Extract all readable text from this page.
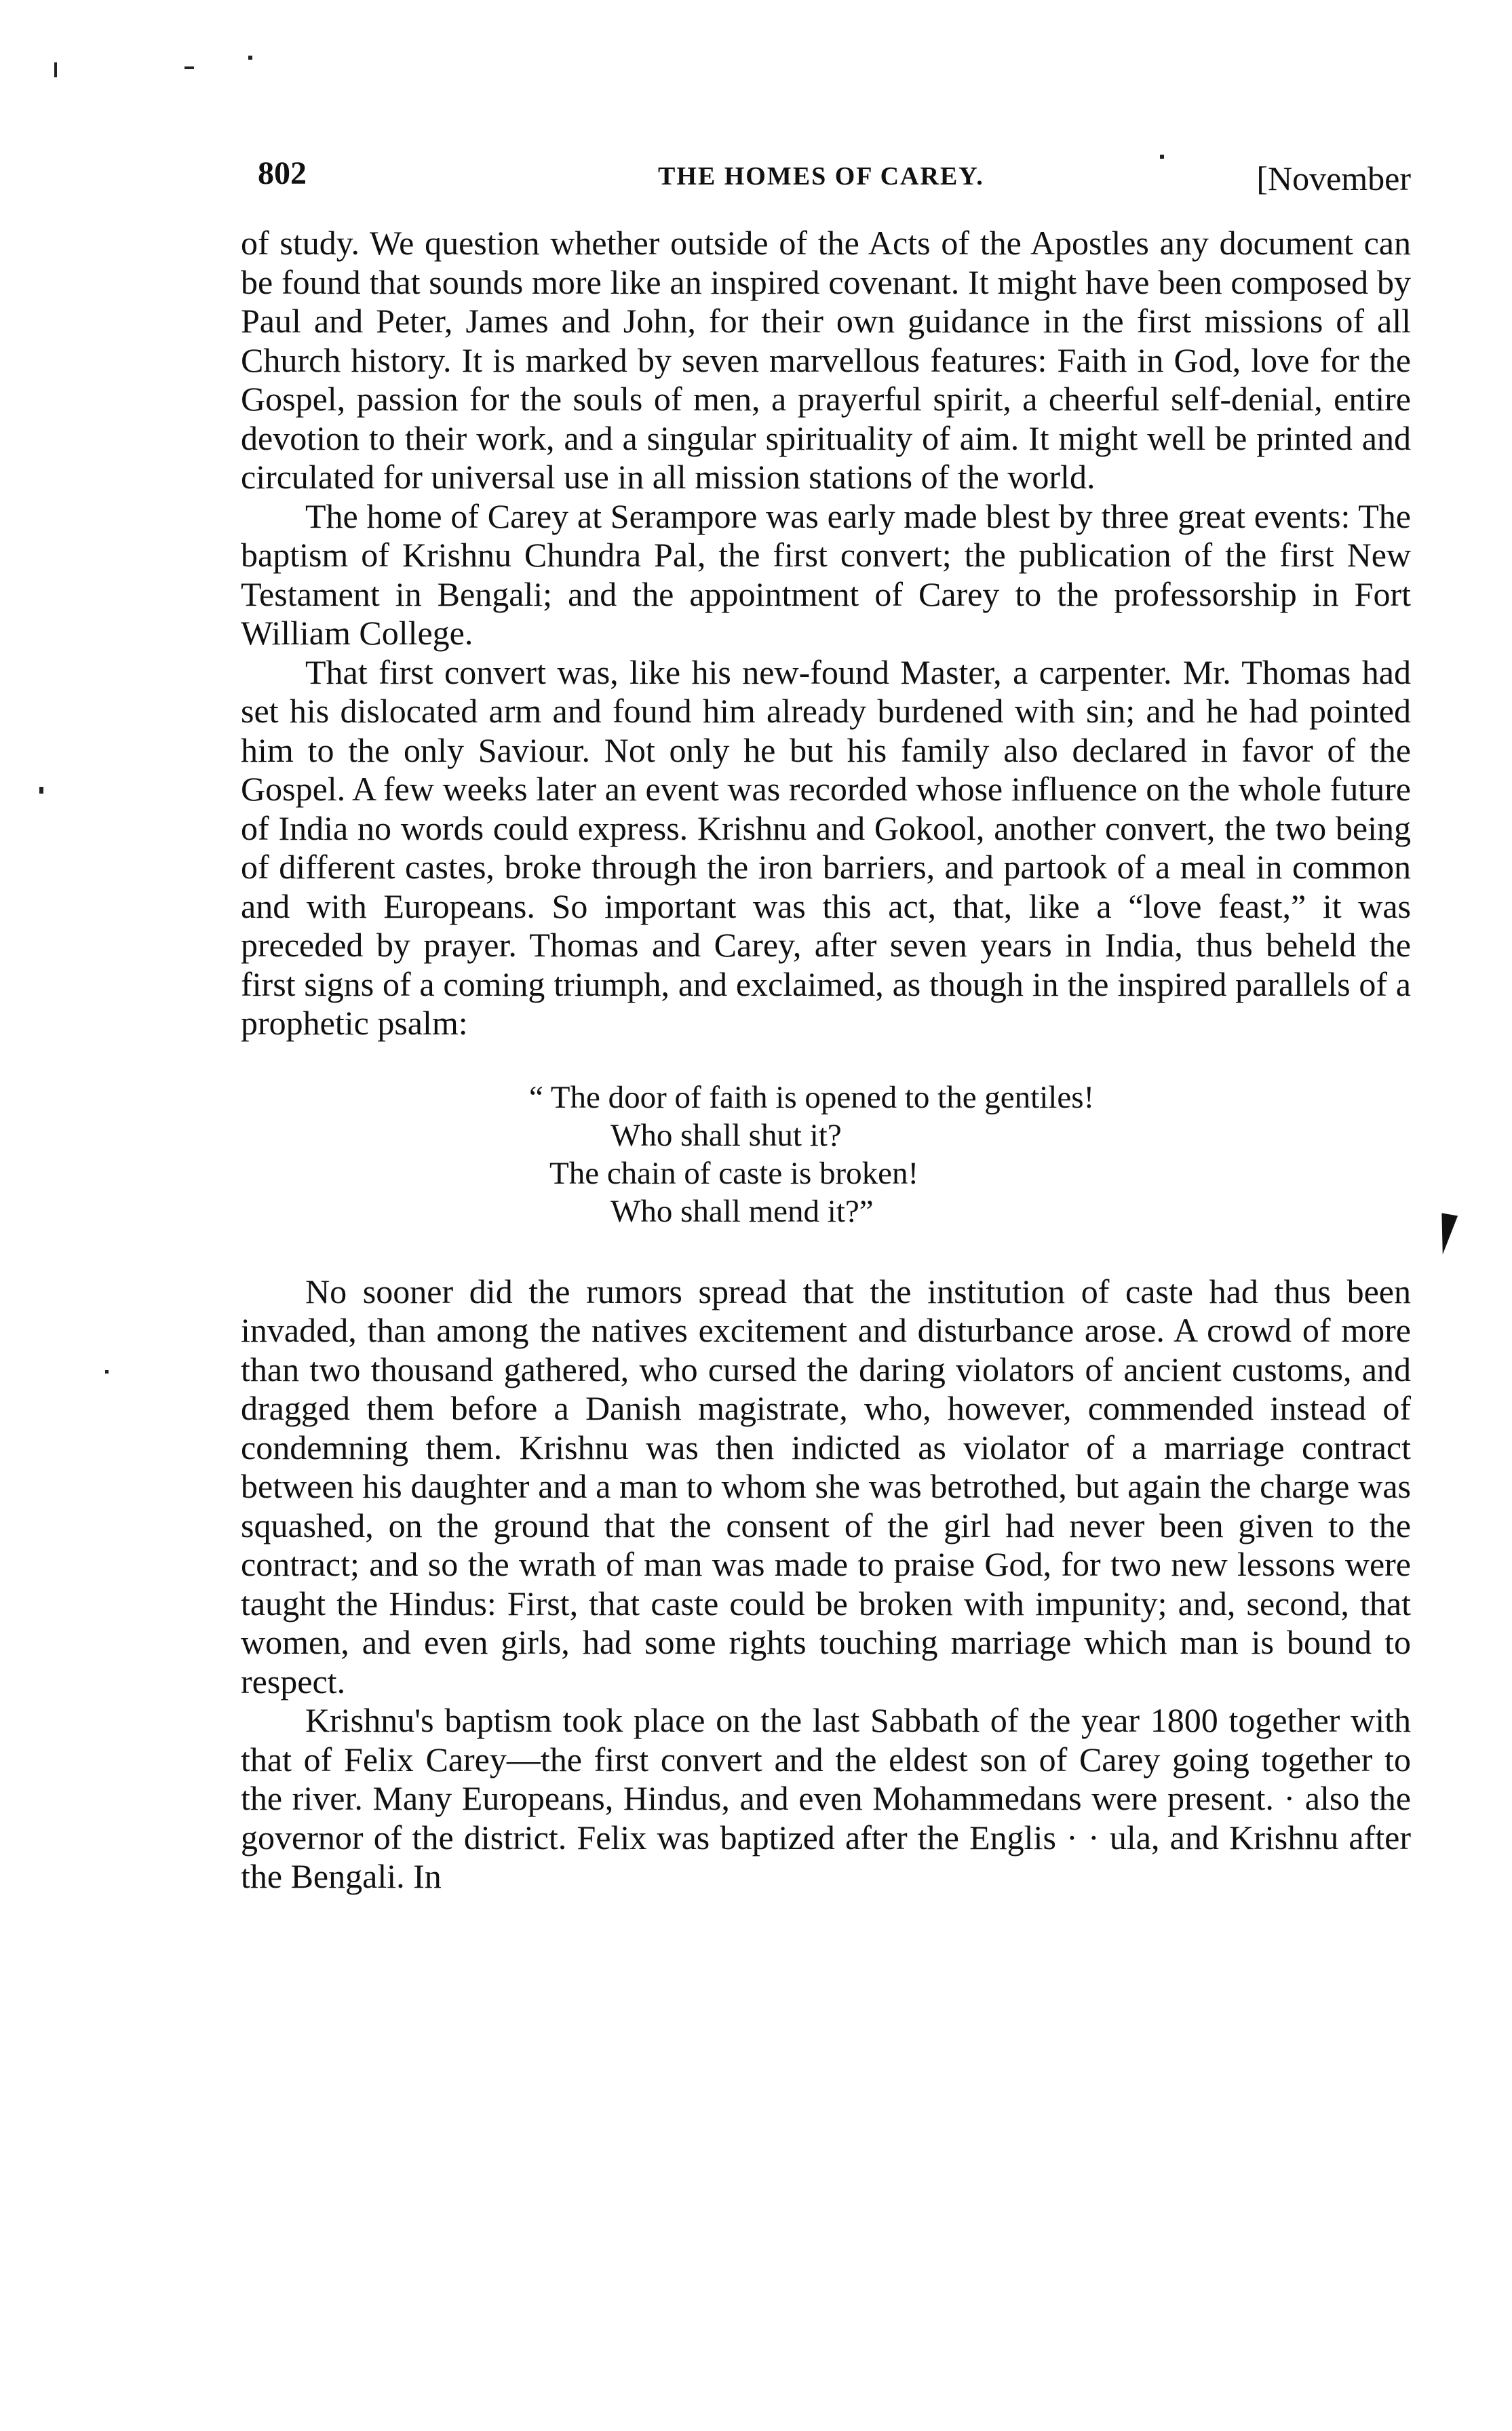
802	THE HOMES OF CAREY.	[November

of study. We question whether outside of the Acts of the Apostles any document can be found that sounds more like an inspired covenant. It might have been composed by Paul and Peter, James and John, for their own guidance in the first missions of all Church history. It is marked by seven marvellous features: Faith in God, love for the Gospel, passion for the souls of men, a prayerful spirit, a cheerful self-denial, entire devotion to their work, and a singular spirituality of aim. It might well be printed and circulated for universal use in all mission stations of the world.

The home of Carey at Serampore was early made blest by three great events: The baptism of Krishnu Chundra Pal, the first convert; the publication of the first New Testament in Bengali; and the appointment of Carey to the professorship in Fort William College.

That first convert was, like his new-found Master, a carpenter. Mr. Thomas had set his dislocated arm and found him already burdened with sin; and he had pointed him to the only Saviour. Not only he but his family also declared in favor of the Gospel. A few weeks later an event was recorded whose influence on the whole future of India no words could express. Krishnu and Gokool, another convert, the two being of different castes, broke through the iron barriers, and partook of a meal in common and with Europeans. So important was this act, that, like a “love feast,” it was preceded by prayer. Thomas and Carey, after seven years in India, thus beheld the first signs of a coming triumph, and exclaimed, as though in the inspired parallels of a prophetic psalm:

“ The door of faith is opened to the gentiles!
Who shall shut it?
The chain of caste is broken!
Who shall mend it?”

No sooner did the rumors spread that the institution of caste had thus been invaded, than among the natives excitement and disturbance arose. A crowd of more than two thousand gathered, who cursed the daring violators of ancient customs, and dragged them before a Danish magistrate, who, however, commended instead of condemning them. Krishnu was then indicted as violator of a marriage contract between his daughter and a man to whom she was betrothed, but again the charge was squashed, on the ground that the consent of the girl had never been given to the contract; and so the wrath of man was made to praise God, for two new lessons were taught the Hindus: First, that caste could be broken with impunity; and, second, that women, and even girls, had some rights touching marriage which man is bound to respect.

Krishnu's baptism took place on the last Sabbath of the year 1800 together with that of Felix Carey—the first convert and the eldest son of Carey going together to the river. Many Europeans, Hindus, and even Mohammedans were present. · also the governor of the district. Felix was baptized after the Englis · · ula, and Krishnu after the Bengali. In
